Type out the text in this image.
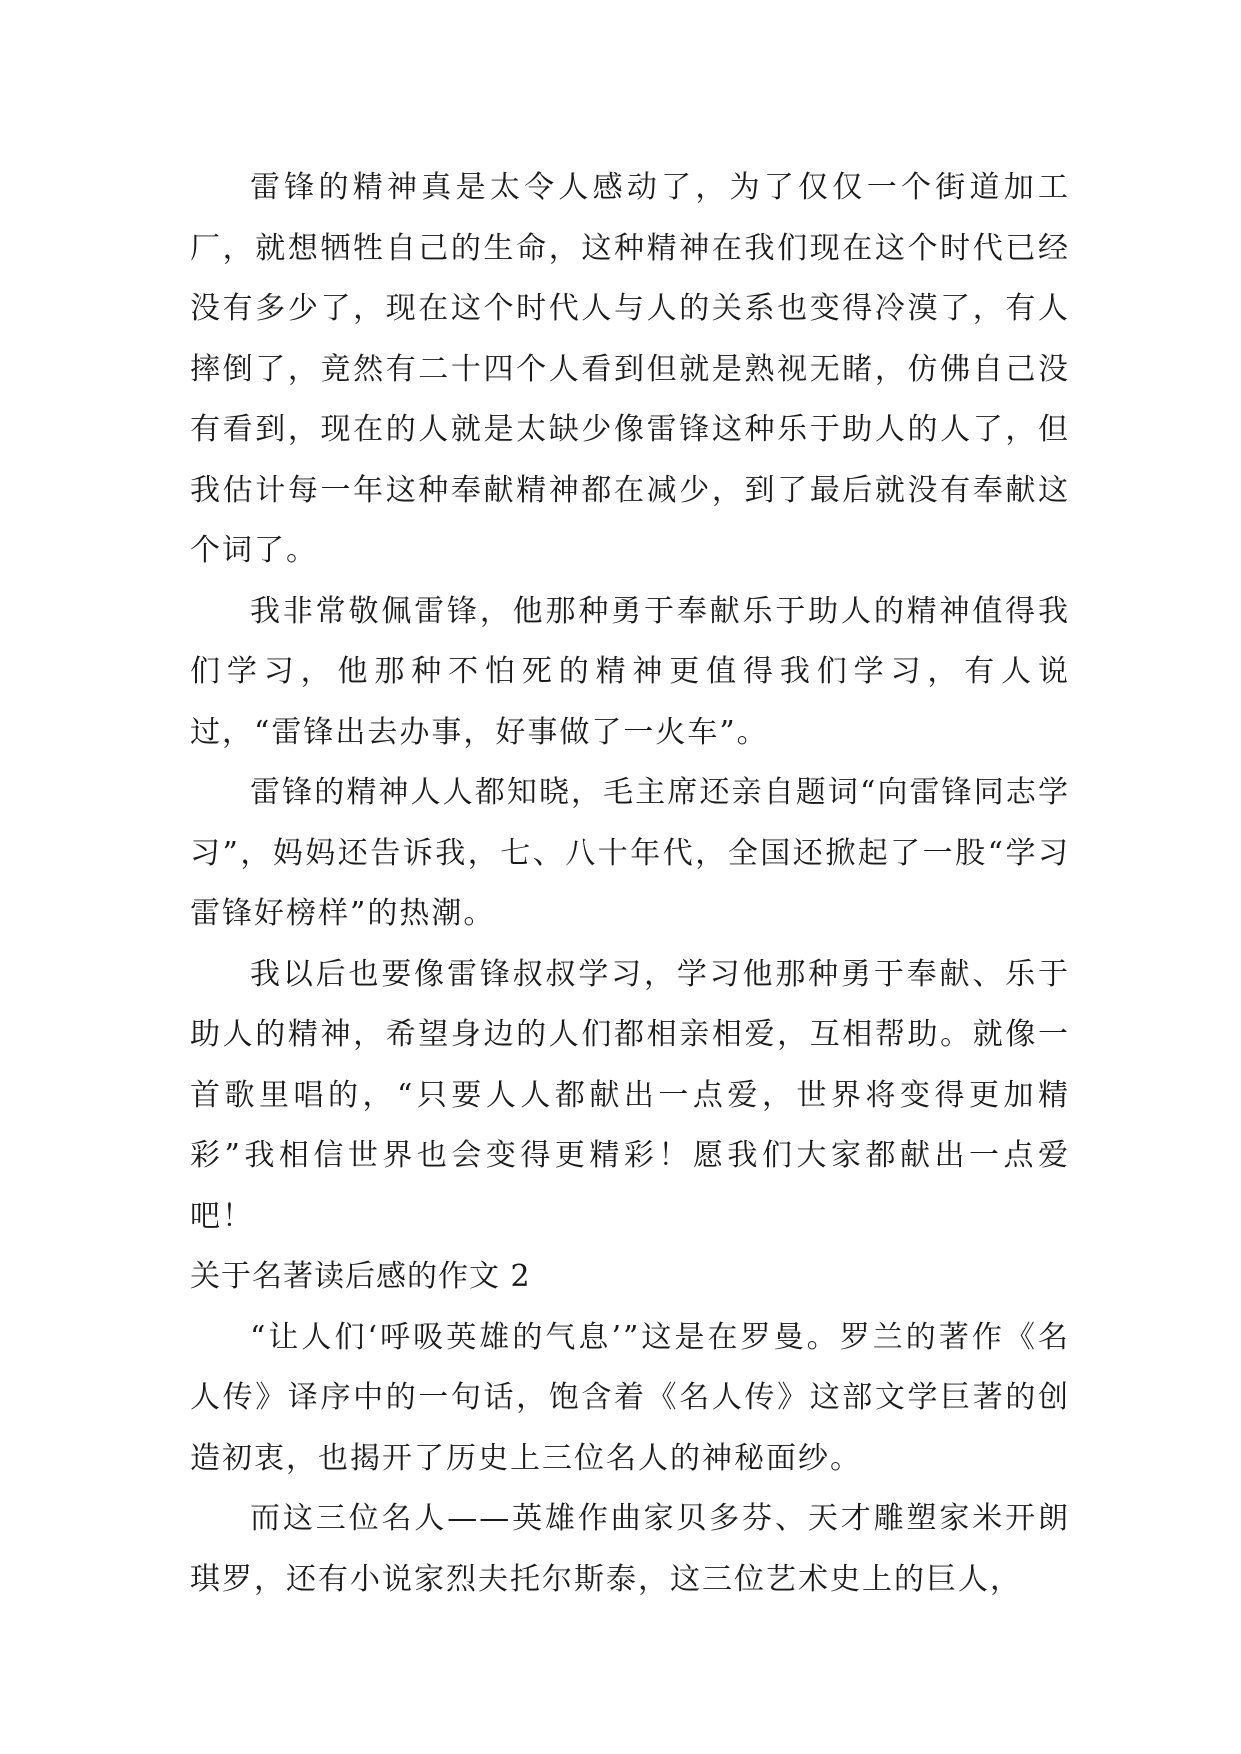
雷锋的精神真是太令人感动了，为了仅仅一个街道加工厂，就想牺牲自己的生命，这种精神在我们现在这个时代已经没有多少了，现在这个时代人与人的关系也变得冷漠了，有人摔倒了，竟然有二十四个人看到但就是熟视无睹，仿佛自己没有看到，现在的人就是太缺少像雷锋这种乐于助人的人了，但我估计每一年这种奉献精神都在减少，到了最后就没有奉献这个词了。

我非常敬佩雷锋，他那种勇于奉献乐于助人的精神值得我们学习，他那种不怕死的精神更值得我们学习，有人说过，“雷锋出去办事，好事做了一火车”。

雷锋的精神人人都知晓，毛主席还亲自题词“向雷锋同志学习”，妈妈还告诉我，七、八十年代，全国还掀起了一股“学习雷锋好榜样”的热潮。

我以后也要像雷锋叔叔学习，学习他那种勇于奉献、乐于助人的精神，希望身边的人们都相亲相爱，互相帮助。就像一首歌里唱的，“只要人人都献出一点爱，世界将变得更加精彩”我相信世界也会变得更精彩！愿我们大家都献出一点爱吧！

关于名著读后感的作文 2

“让人们‘呼吸英雄的气息’”这是在罗曼。罗兰的著作《名人传》译序中的一句话，饱含着《名人传》这部文学巨著的创造初衷，也揭开了历史上三位名人的神秘面纱。

而这三位名人——英雄作曲家贝多芬、天才雕塑家米开朗琪罗，还有小说家烈夫托尔斯泰，这三位艺术史上的巨人，
